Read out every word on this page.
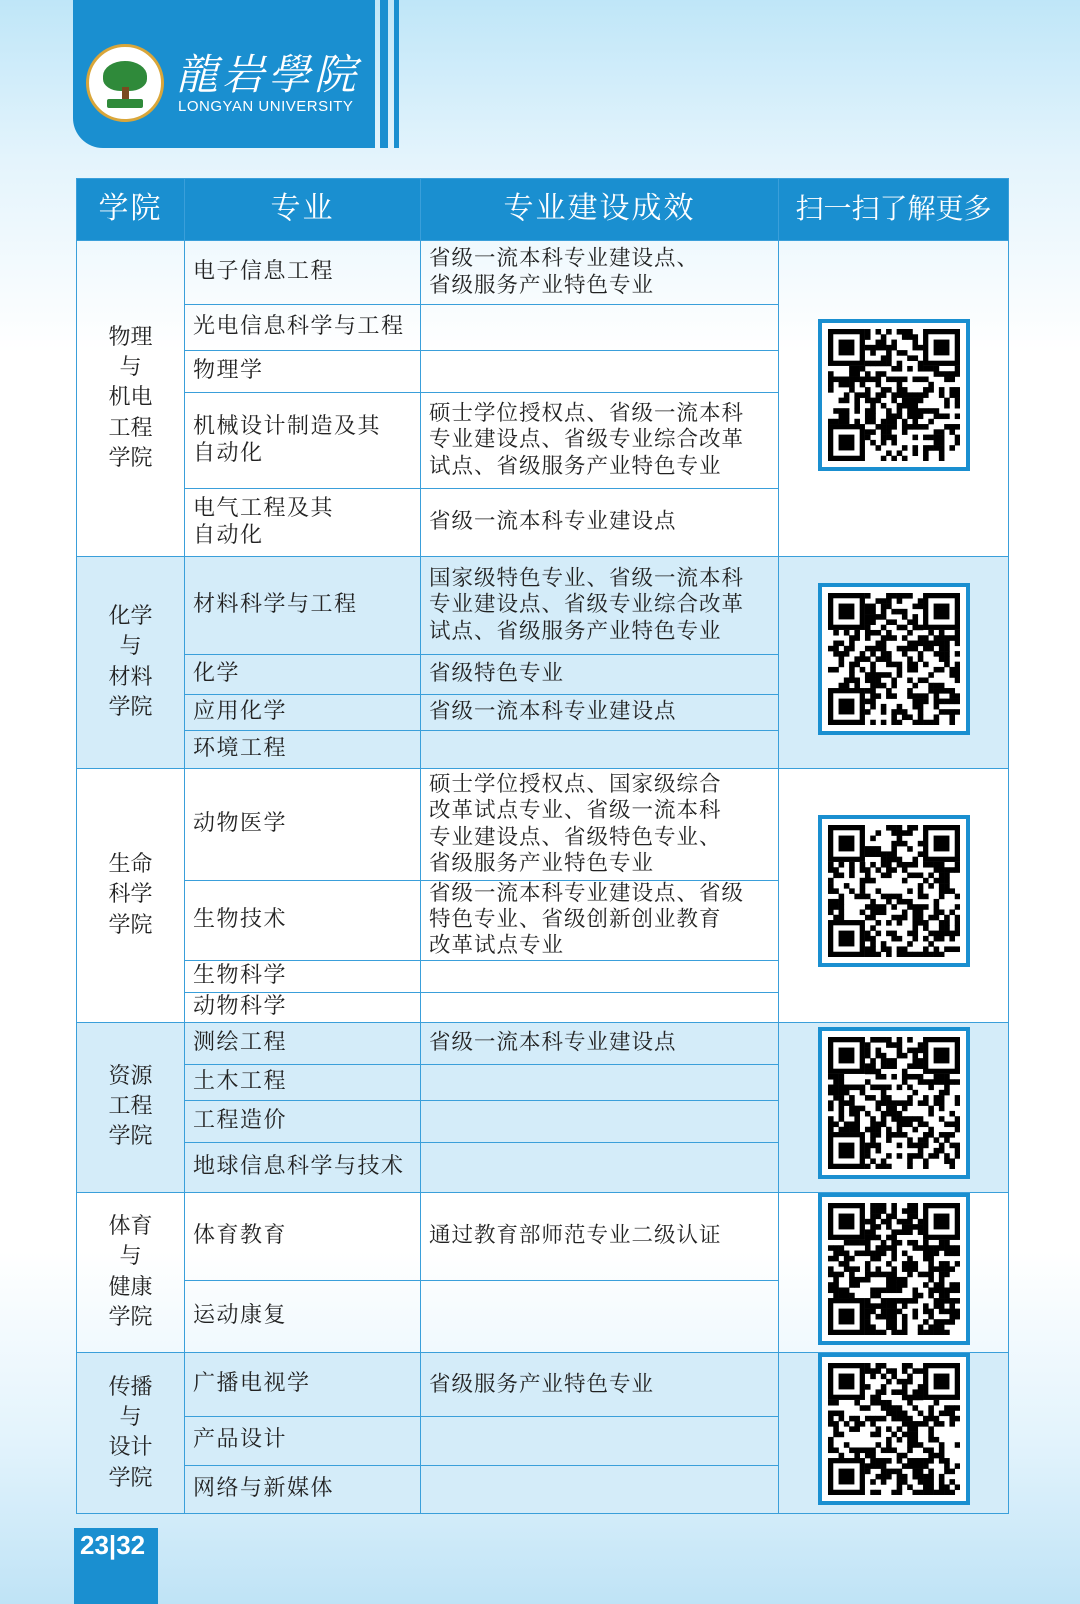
龍岩學院
LONGYAN UNIVERSITY
学院	专业	专业建设成效	扫一扫了解更多
物理
与
机电
工程
学院	电子信息工程	省级一流本科专业建设点、
省级服务产业特色专业	

	光电信息科学与工程		
	物理学		
	机械设计制造及其
自动化	硕士学位授权点、省级一流本科
专业建设点、省级专业综合改革
试点、省级服务产业特色专业	
	电气工程及其
自动化	省级一流本科专业建设点	
化学
与
材料
学院	材料科学与工程	国家级特色专业、省级一流本科
专业建设点、省级专业综合改革
试点、省级服务产业特色专业	

	化学	省级特色专业	
	应用化学	省级一流本科专业建设点	
	环境工程		
生命
科学
学院	动物医学	硕士学位授权点、国家级综合
改革试点专业、省级一流本科
专业建设点、省级特色专业、
省级服务产业特色专业	

	生物技术	省级一流本科专业建设点、省级
特色专业、省级创新创业教育
改革试点专业	
	生物科学		
	动物科学		
资源
工程
学院	测绘工程	省级一流本科专业建设点	

	土木工程		
	工程造价		
	地球信息科学与技术		
体育
与
健康
学院	体育教育	通过教育部师范专业二级认证	

	运动康复		
传播
与
设计
学院	广播电视学	省级服务产业特色专业	

	产品设计		
	网络与新媒体		
23|32
